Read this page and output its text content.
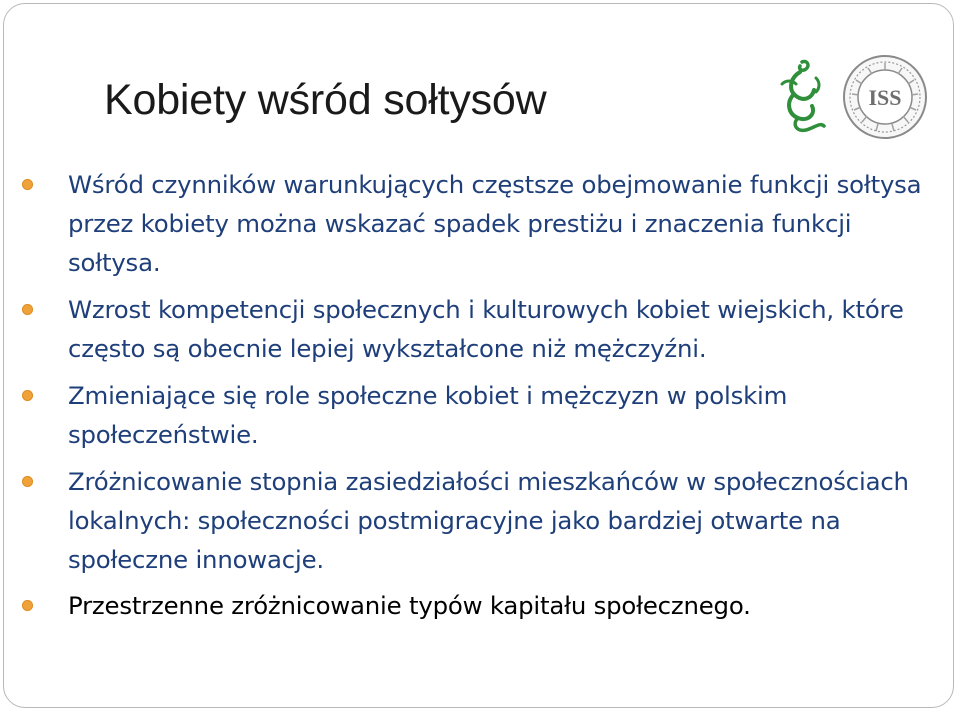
Kobiety wśród sołtysów	ISS
Wśród czynników warunkujących częstsze obejmowanie funkcji sołtysa przez kobiety można wskazać spadek prestiżu i znaczenia funkcji sołtysa.
Wzrost kompetencji społecznych i kulturowych kobiet wiejskich, które często są obecnie lepiej wykształcone niż mężczyźni.
Zmieniające się role społeczne kobiet i mężczyzn w polskim społeczeństwie.
Zróżnicowanie stopnia zasiedziałości mieszkańców w społecznościach lokalnych: społeczności postmigracyjne jako bardziej otwarte na społeczne innowacje.
Przestrzenne zróżnicowanie typów kapitału społecznego.
